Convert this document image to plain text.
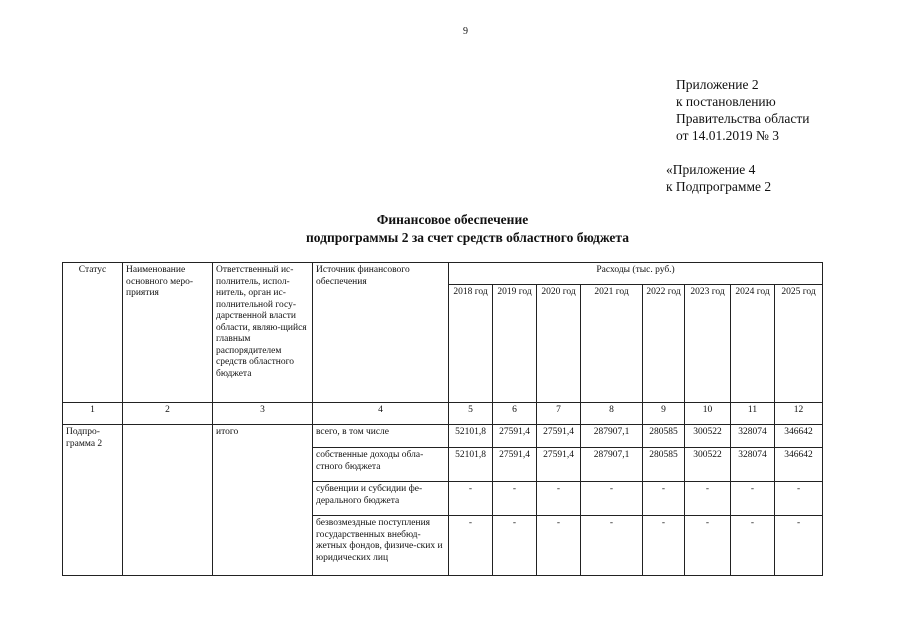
9
Приложение 2
к постановлению
Правительства области
от 14.01.2019 № 3
«Приложение 4
к Подпрограмме 2
Финансовое обеспечение
подпрограммы 2 за счет средств областного бюджета
Статус	Наименование основного меро-приятия	Ответственный ис-полнитель, испол-нитель, орган ис-полнительной госу-дарственной власти области, являю-щийся главным распорядителем средств областного бюджета	Источник финансового обеспечения	Расходы (тыс. руб.)							
				2018 год	2019 год	2020 год	2021 год	2022 год	2023 год	2024 год	2025 год
1	2	3	4	5	6	7	8	9	10	11	12
Подпро-грамма 2		итого	всего, в том числе	52101,8	27591,4	27591,4	287907,1	280585	300522	328074	346642
			собственные доходы обла-стного бюджета	52101,8	27591,4	27591,4	287907,1	280585	300522	328074	346642
			субвенции и субсидии фе-дерального бюджета	-	-	-	-	-	-	-	-
			безвозмездные поступления государственных внебюд-жетных фондов, физиче-ских и юридических лиц	-	-	-	-	-	-	-	-
